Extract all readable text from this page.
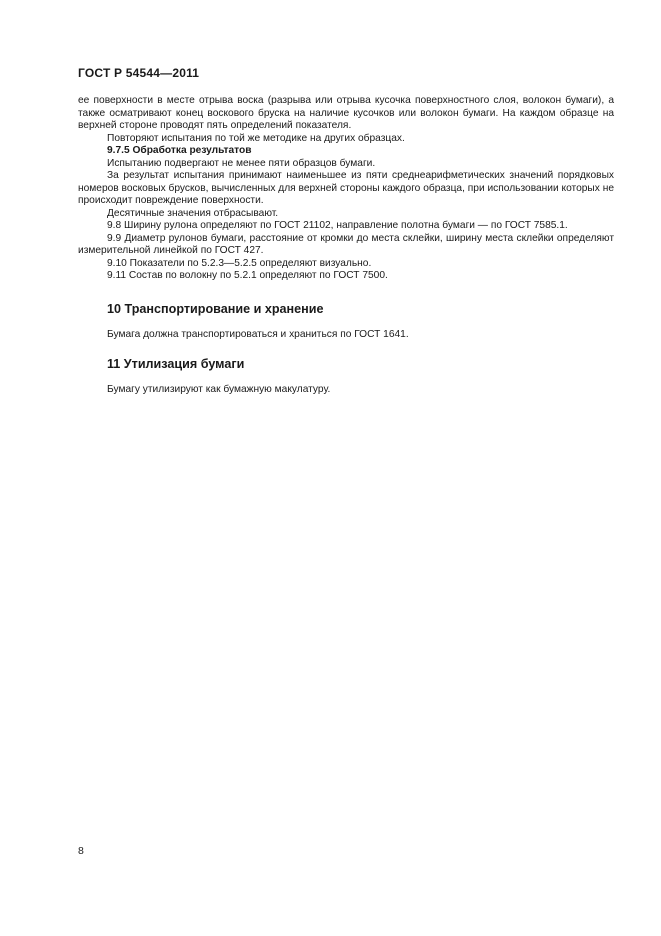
ГОСТ Р 54544—2011

ее поверхности в месте отрыва воска (разрыва или отрыва кусочка поверхностного слоя, волокон бумаги), а также осматривают конец воскового бруска на наличие кусочков или волокон бумаги. На каждом образце на верхней стороне проводят пять определений показателя.

Повторяют испытания по той же методике на других образцах.

9.7.5 Обработка результатов

Испытанию подвергают не менее пяти образцов бумаги.

За результат испытания принимают наименьшее из пяти среднеарифметических значений порядковых номеров восковых брусков, вычисленных для верхней стороны каждого образца, при использовании которых не происходит повреждение поверхности.

Десятичные значения отбрасывают.

9.8 Ширину рулона определяют по ГОСТ 21102, направление полотна бумаги — по ГОСТ 7585.1.

9.9 Диаметр рулонов бумаги, расстояние от кромки до места склейки, ширину места склейки определяют измерительной линейкой по ГОСТ 427.

9.10 Показатели по 5.2.3—5.2.5 определяют визуально.

9.11 Состав по волокну по 5.2.1 определяют по ГОСТ 7500.

10 Транспортирование и хранение
Бумага должна транспортироваться и храниться по ГОСТ 1641.
11 Утилизация бумаги
Бумагу утилизируют как бумажную макулатуру.
8
